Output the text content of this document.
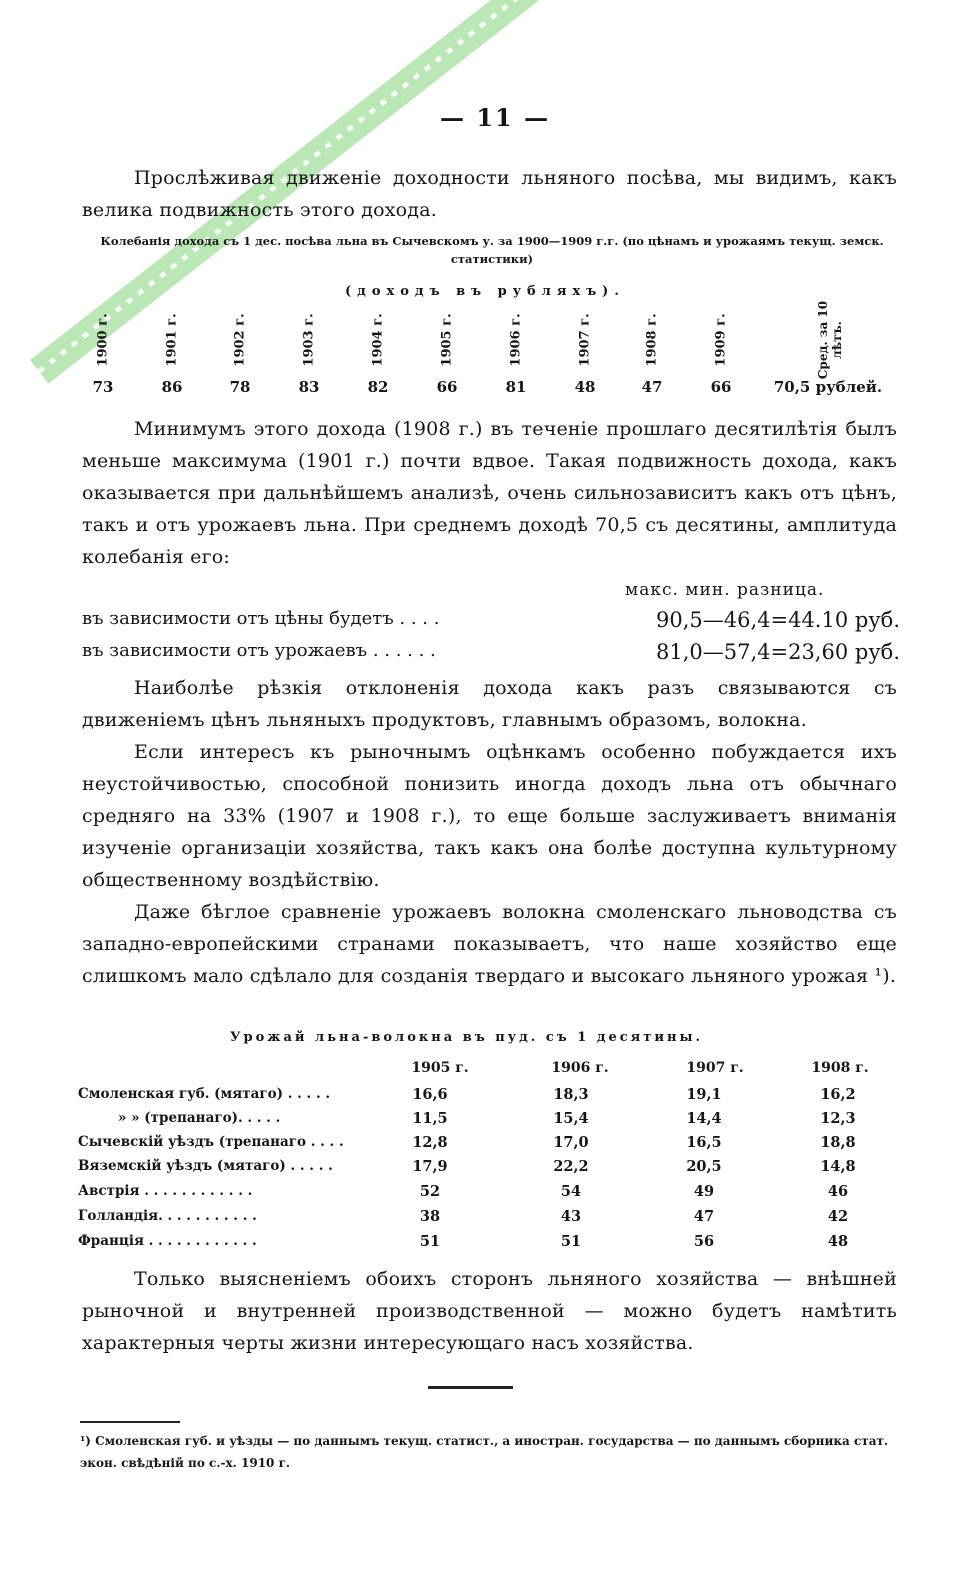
— 11 —
Прослѣживая движеніе доходности льняного посѣва, мы видимъ, какъ велика подвижность этого дохода.
Колебанія дохода съ 1 дес. посѣва льна въ Сычевскомъ у. за 1900—1909 г.г. (по цѣнамъ и урожаямъ текущ. земск. статистики)
(доходъ въ рубляхъ).
1900 г.	1901 г.	1902 г.	1903 г.	1904 г.	1905 г.	1906 г.	1907 г.	1908 г.	1909 г.	Сред. за 10 лѣтъ.
73	86	78	83	82	66	81	48	47	66	70,5 рублей.
Минимумъ этого дохода (1908 г.) въ теченіе прошлаго десятилѣтія былъ меньше максимума (1901 г.) почти вдвое. Такая подвижность дохода, какъ оказывается при дальнѣйшемъ анализѣ, очень сильнозависитъ какъ отъ цѣнъ, такъ и отъ урожаевъ льна. При среднемъ доходѣ 70,5 съ десятины, амплитуда колебанія его:
макс. мин. разница.
въ зависимости отъ цѣны будетъ . . . .	90,5—46,4=44.10 руб.
въ зависимости отъ урожаевъ . . . . . .	81,0—57,4=23,60 руб.
Наиболѣе рѣзкія отклоненія дохода какъ разъ связываются съ движеніемъ цѣнъ льняныхъ продуктовъ, главнымъ образомъ, волокна.
Если интересъ къ рыночнымъ оцѣнкамъ особенно побуждается ихъ неустойчивостью, способной понизить иногда доходъ льна отъ обычнаго средняго на 33% (1907 и 1908 г.), то еще больше заслуживаетъ вниманія изученіе организаціи хозяйства, такъ какъ она болѣе доступна культурному общественному воздѣйствію.
Даже бѣглое сравненіе урожаевъ волокна смоленскаго льноводства съ западно-европейскими странами показываетъ, что наше хозяйство еще слишкомъ мало сдѣлало для созданія твердаго и высокаго льняного урожая ¹).
Урожай льна-волокна въ пуд. съ 1 десятины.
1905 г.	1906 г.	1907 г.	1908 г.
Смоленская губ. (мятаго) . . . . .	16,6	18,3	19,1	16,2
» » (трепанаго). . . . .	11,5	15,4	14,4	12,3
Сычевскій уѣздъ (трепанаго . . . .	12,8	17,0	16,5	18,8
Вяземскій уѣздъ (мятаго) . . . . .	17,9	22,2	20,5	14,8
Австрія . . . . . . . . . . . .	52	54	49	46
Голландія. . . . . . . . . . .	38	43	47	42
Франція . . . . . . . . . . . .	51	51	56	48
Только выясненіемъ обоихъ сторонъ льняного хозяйства — внѣшней рыночной и внутренней производственной — можно будетъ намѣтить характерныя черты жизни интересующаго насъ хозяйства.
¹) Смоленская губ. и уѣзды — по даннымъ текущ. статист., а иностран. государства — по даннымъ сборника стат. экон. свѣдѣній по с.-х. 1910 г.
